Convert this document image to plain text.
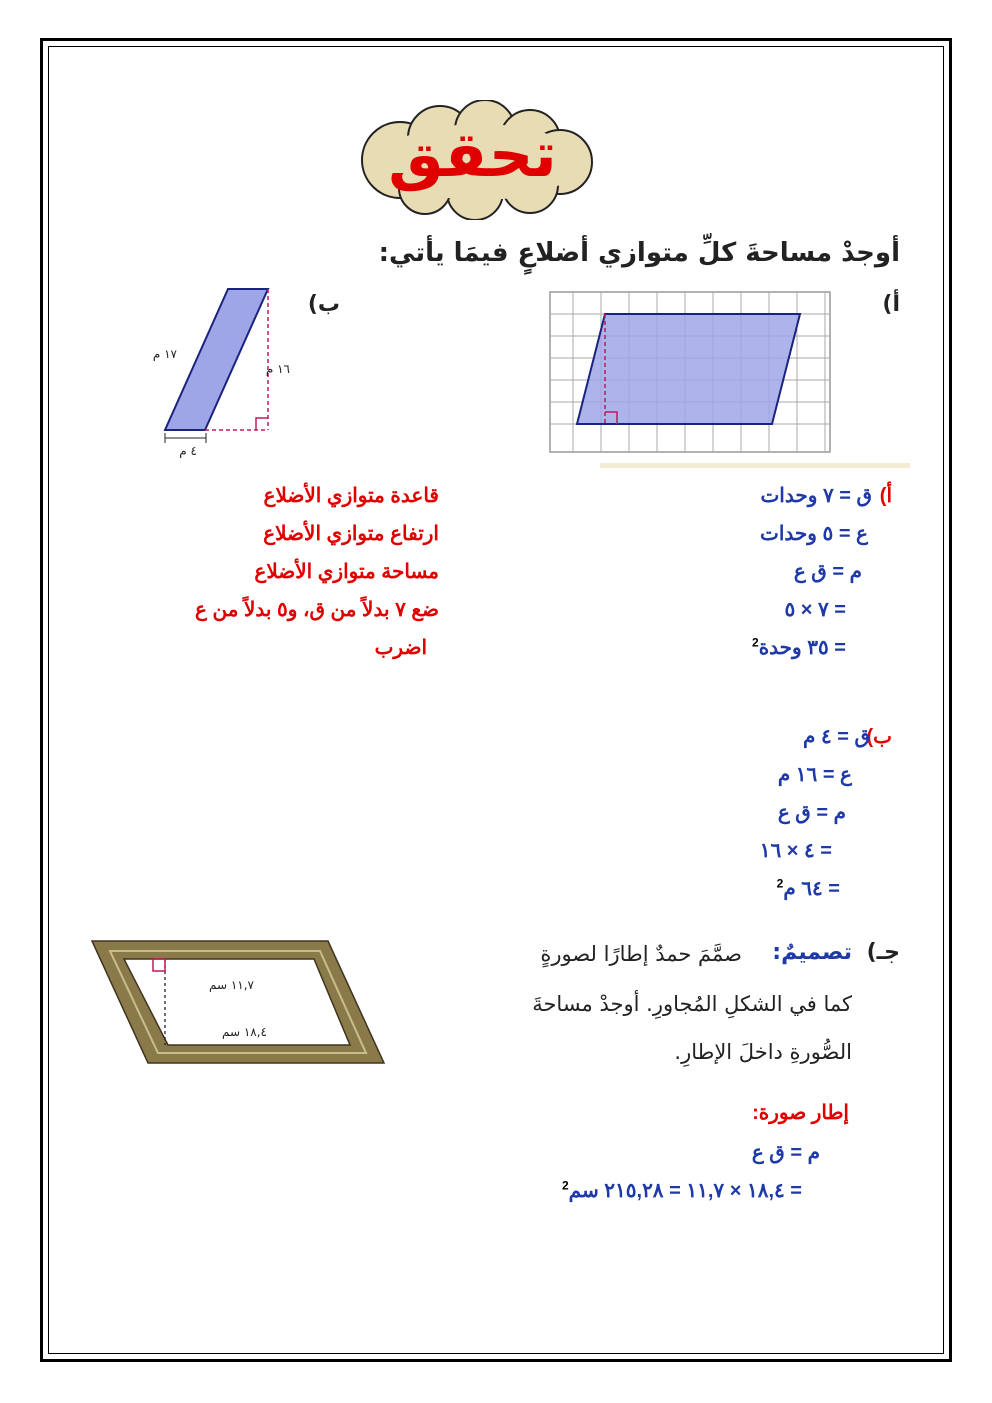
تحقق
أوجدْ مساحةَ كلِّ متوازي أضلاعٍ فيمَا يأتي:
أ)
ب)
١٧ م
١٦ م
٤ م
قاعدة متوازي الأضلاع
ارتفاع متوازي الأضلاع
مساحة متوازي الأضلاع
ضع ٧ بدلاً من ق، و٥ بدلاً من ع
اضرب
أ)
ق = ٧ وحدات
ع = ٥ وحدات
م = ق ع
= ٧ × ٥
= ٣٥ وحدة$^2$
ب)
ق = ٤ م
ع = ١٦ م
م = ق ع
= ٤ × ١٦
= ٦٤ م$^2$
جـ)
تصميمٌ:
صمَّمَ حمدٌ إطارًا لصورةٍ
كما في الشكلِ المُجاورِ. أوجدْ مساحةَ
الصُّورةِ داخلَ الإطارِ.
١١,٧ سم
١٨,٤ سم
إطار صورة:
م = ق ع
= ١٨,٤ × ١١,٧ = ٢١٥,٢٨ سم$^2$
